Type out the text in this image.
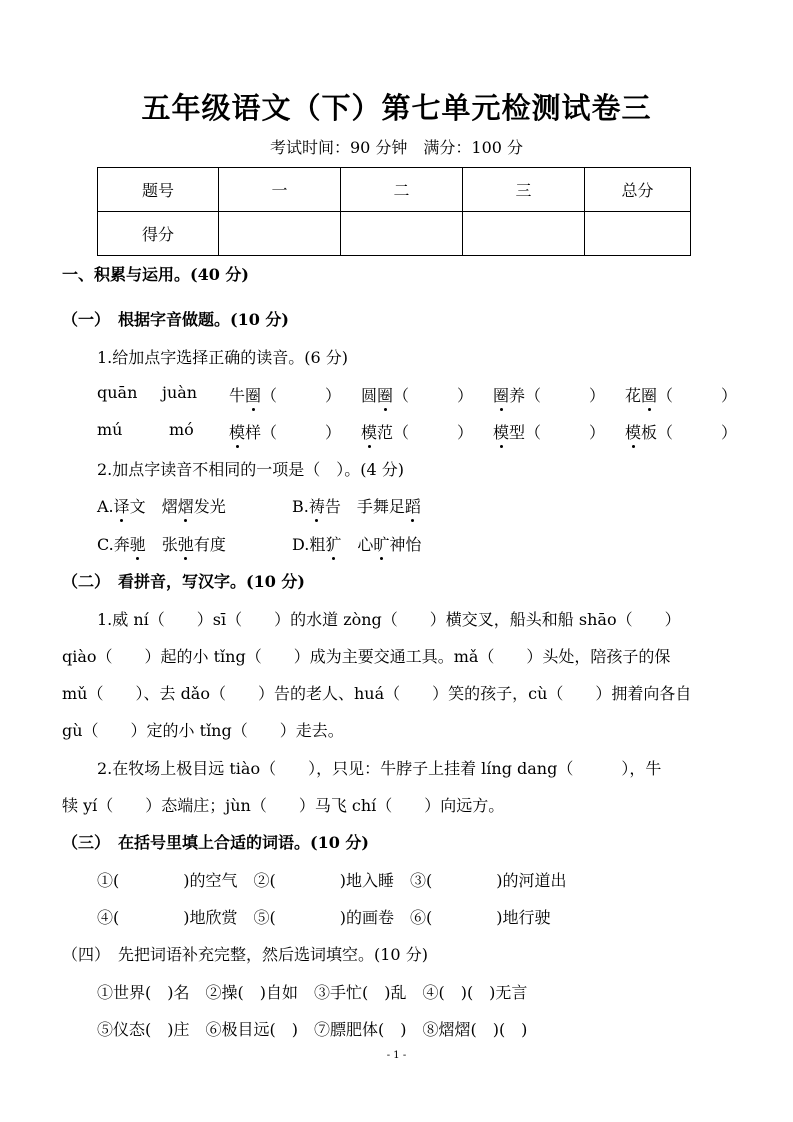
五年级语文（下）第七单元检测试卷三
考试时间：90 分钟　满分：100 分
题号	一	二	三	总分
得分				
一、积累与运用。(40 分)
（一）　根据字音做题。(10 分)
1.给加点字选择正确的读音。(6 分)
quān juàn 牛圈（　　　） 圆圈（　　　） 圈养（　　　） 花圈（　　　）
mú	mó 模样（　　　） 模范（　　　） 模型（　　　） 模板（　　　）
2.加点字读音不相同的一项是（　）。(4 分)
A.译文　 熠熠发光	B.祷告　 手舞足蹈
C.奔驰　 张弛有度	D.粗犷　 心旷神怡
（二）　看拼音，写汉字。(10 分)
1.威 ní（　　）sī（　　）的水道 zòng（　　）横交叉，船头和船 shāo（　　）
qiào（　　）起的小 tǐng（　　）成为主要交通工具。mǎ（　　）头处，陪孩子的保
mǔ（　　）、去 dǎo（　　）告的老人、huá（　　）笑的孩子，cù（　　）拥着向各自
gù（　　）定的小 tǐng（　　）走去。
2.在牧场上极目远 tiào（　　），只见：牛脖子上挂着 líng dang（　　　），牛
犊 yí（　　）态端庄；jùn（　　）马飞 chí（　　）向远方。
（三）　在括号里填上合适的词语。(10 分)
①(　　　　)的空气　②(　　　　)地入睡　③(　　　　)的河道出
④(　　　　)地欣赏　⑤(　　　　)的画卷　⑥(　　　　)地行驶
（四）　先把词语补充完整，然后选词填空。(10 分)
①世界(　)名　②操(　)自如　③手忙(　)乱　④(　)(　)无言
⑤仪态(　)庄　⑥极目远(　)　⑦膘肥体(　)　⑧熠熠(　)(　)
- 1 -
